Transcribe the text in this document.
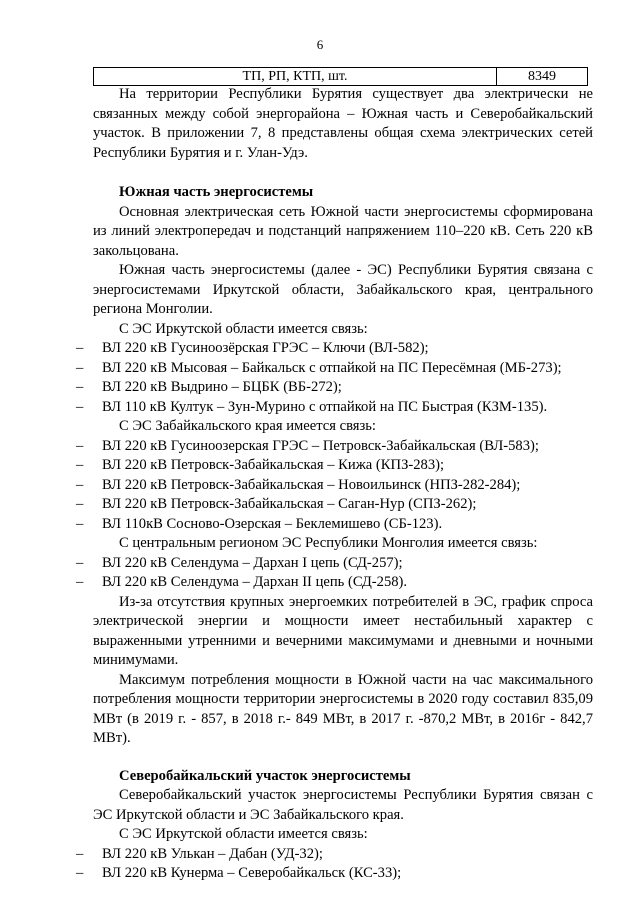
6
ТП, РП, КТП, шт.	8349
На территории Республики Бурятия существует два электрически не связанных между собой энергорайона – Южная часть и Северобайкальский участок. В приложении 7, 8 представлены общая схема электрических сетей Республики Бурятия и г. Улан-Удэ.
Южная часть энергосистемы
Основная электрическая сеть Южной части энергосистемы сформирована из линий электропередач и подстанций напряжением 110–220 кВ. Сеть 220 кВ закольцована.
Южная часть энергосистемы (далее - ЭС) Республики Бурятия связана с энергосистемами Иркутской области, Забайкальского края, центрального региона Монголии.
С ЭС Иркутской области имеется связь:
–	ВЛ 220 кВ Гусиноозёрская ГРЭС – Ключи (ВЛ-582);
–	ВЛ 220 кВ Мысовая – Байкальск с отпайкой на ПС Пересёмная (МБ-273);
–	ВЛ 220 кВ Выдрино – БЦБК (ВБ-272);
–	ВЛ 110 кВ Култук – Зун-Мурино с отпайкой на ПС Быстрая (КЗМ-135).
С ЭС Забайкальского края имеется связь:
–	ВЛ 220 кВ Гусиноозерская ГРЭС – Петровск-Забайкальская (ВЛ-583);
–	ВЛ 220 кВ Петровск-Забайкальская – Кижа (КПЗ-283);
–	ВЛ 220 кВ Петровск-Забайкальская – Новоильинск (НПЗ-282-284);
–	ВЛ 220 кВ Петровск-Забайкальская – Саган-Нур (СПЗ-262);
–	ВЛ 110кВ Сосново-Озерская – Беклемишево (СБ-123).
С центральным регионом ЭС Республики Монголия имеется связь:
–	ВЛ 220 кВ Селендума – Дархан I цепь (СД-257);
–	ВЛ 220 кВ Селендума – Дархан II цепь (СД-258).
Из-за отсутствия крупных энергоемких потребителей в ЭС, график спроса электрической энергии и мощности имеет нестабильный характер с выраженными утренними и вечерними максимумами и дневными и ночными минимумами.
Максимум потребления мощности в Южной части на час максимального потребления мощности территории энергосистемы в 2020 году составил 835,09 МВт (в 2019 г. - 857, в 2018 г.- 849 МВт, в 2017 г. -870,2 МВт, в 2016г - 842,7 МВт).
Северобайкальский участок энергосистемы
Северобайкальский участок энергосистемы Республики Бурятия связан с ЭС Иркутской области и ЭС Забайкальского края.
С ЭС Иркутской области имеется связь:
–	ВЛ 220 кВ Улькан – Дабан (УД-32);
–	ВЛ 220 кВ Кунерма – Северобайкальск (КС-33);
